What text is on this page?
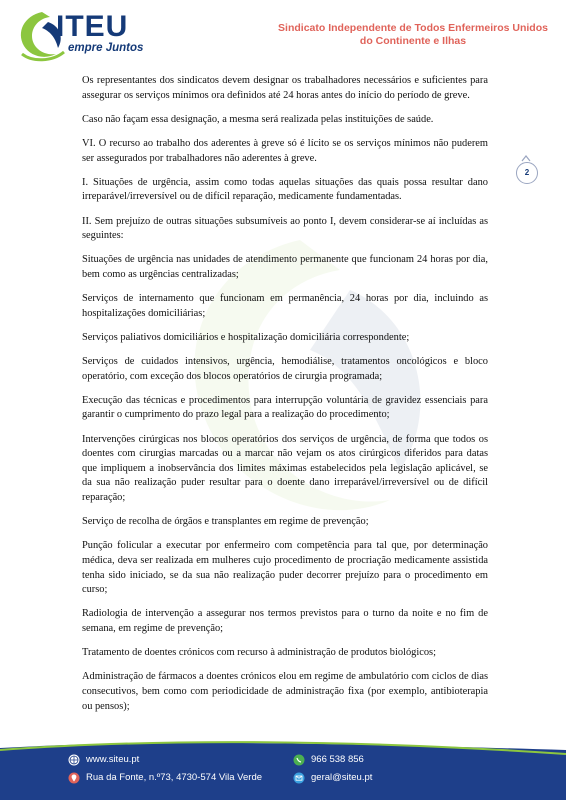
ITEU
empre Juntos
Sindicato Independente de Todos Enfermeiros Unidos
do Continente e Ilhas
2

Os representantes dos sindicatos devem designar os trabalhadores necessários e suficientes para assegurar os serviços mínimos ora definidos até 24 horas antes do início do período de greve.

Caso não façam essa designação, a mesma será realizada pelas instituições de saúde.

VI. O recurso ao trabalho dos aderentes à greve só é lícito se os serviços mínimos não puderem ser assegurados por trabalhadores não aderentes à greve.

I. Situações de urgência, assim como todas aquelas situações das quais possa resultar dano irreparável/irreversível ou de difícil reparação, medicamente fundamentadas.

II. Sem prejuízo de outras situações subsumíveis ao ponto I, devem considerar-se aí incluídas as seguintes:

Situações de urgência nas unidades de atendimento permanente que funcionam 24 horas por dia, bem como as urgências centralizadas;

Serviços de internamento que funcionam em permanência, 24 horas por dia, incluindo as hospitalizações domiciliárias;

Serviços paliativos domiciliários e hospitalização domiciliária correspondente;

Serviços de cuidados intensivos, urgência, hemodiálise, tratamentos oncológicos e bloco operatório, com exceção dos blocos operatórios de cirurgia programada;

Execução das técnicas e procedimentos para interrupção voluntária de gravidez essenciais para garantir o cumprimento do prazo legal para a realização do procedimento;

Intervenções cirúrgicas nos blocos operatórios dos serviços de urgência, de forma que todos os doentes com cirurgias marcadas ou a marcar não vejam os atos cirúrgicos diferidos para datas que impliquem a inobservância dos limites máximas estabelecidos pela legislação aplicável, se da sua não realização puder resultar para o doente dano irreparável/irreversível ou de difícil reparação;

Serviço de recolha de órgãos e transplantes em regime de prevenção;

Punção folicular a executar por enfermeiro com competência para tal que, por determinação médica, deva ser realizada em mulheres cujo procedimento de procriação medicamente assistida tenha sido iniciado, se da sua não realização puder decorrer prejuízo para o procedimento em curso;

Radiologia de intervenção a assegurar nos termos previstos para o turno da noite e no fim de semana, em regime de prevenção;

Tratamento de doentes crónicos com recurso à administração de produtos biológicos;

Administração de fármacos a doentes crónicos elou em regime de ambulatório com ciclos de dias consecutivos, bem como com periodicidade de administração fixa (por exemplo, antibioterapia ou pensos);

www.siteu.pt
Rua da Fonte, n.º73, 4730-574 Vila Verde
966 538 856
geral@siteu.pt
